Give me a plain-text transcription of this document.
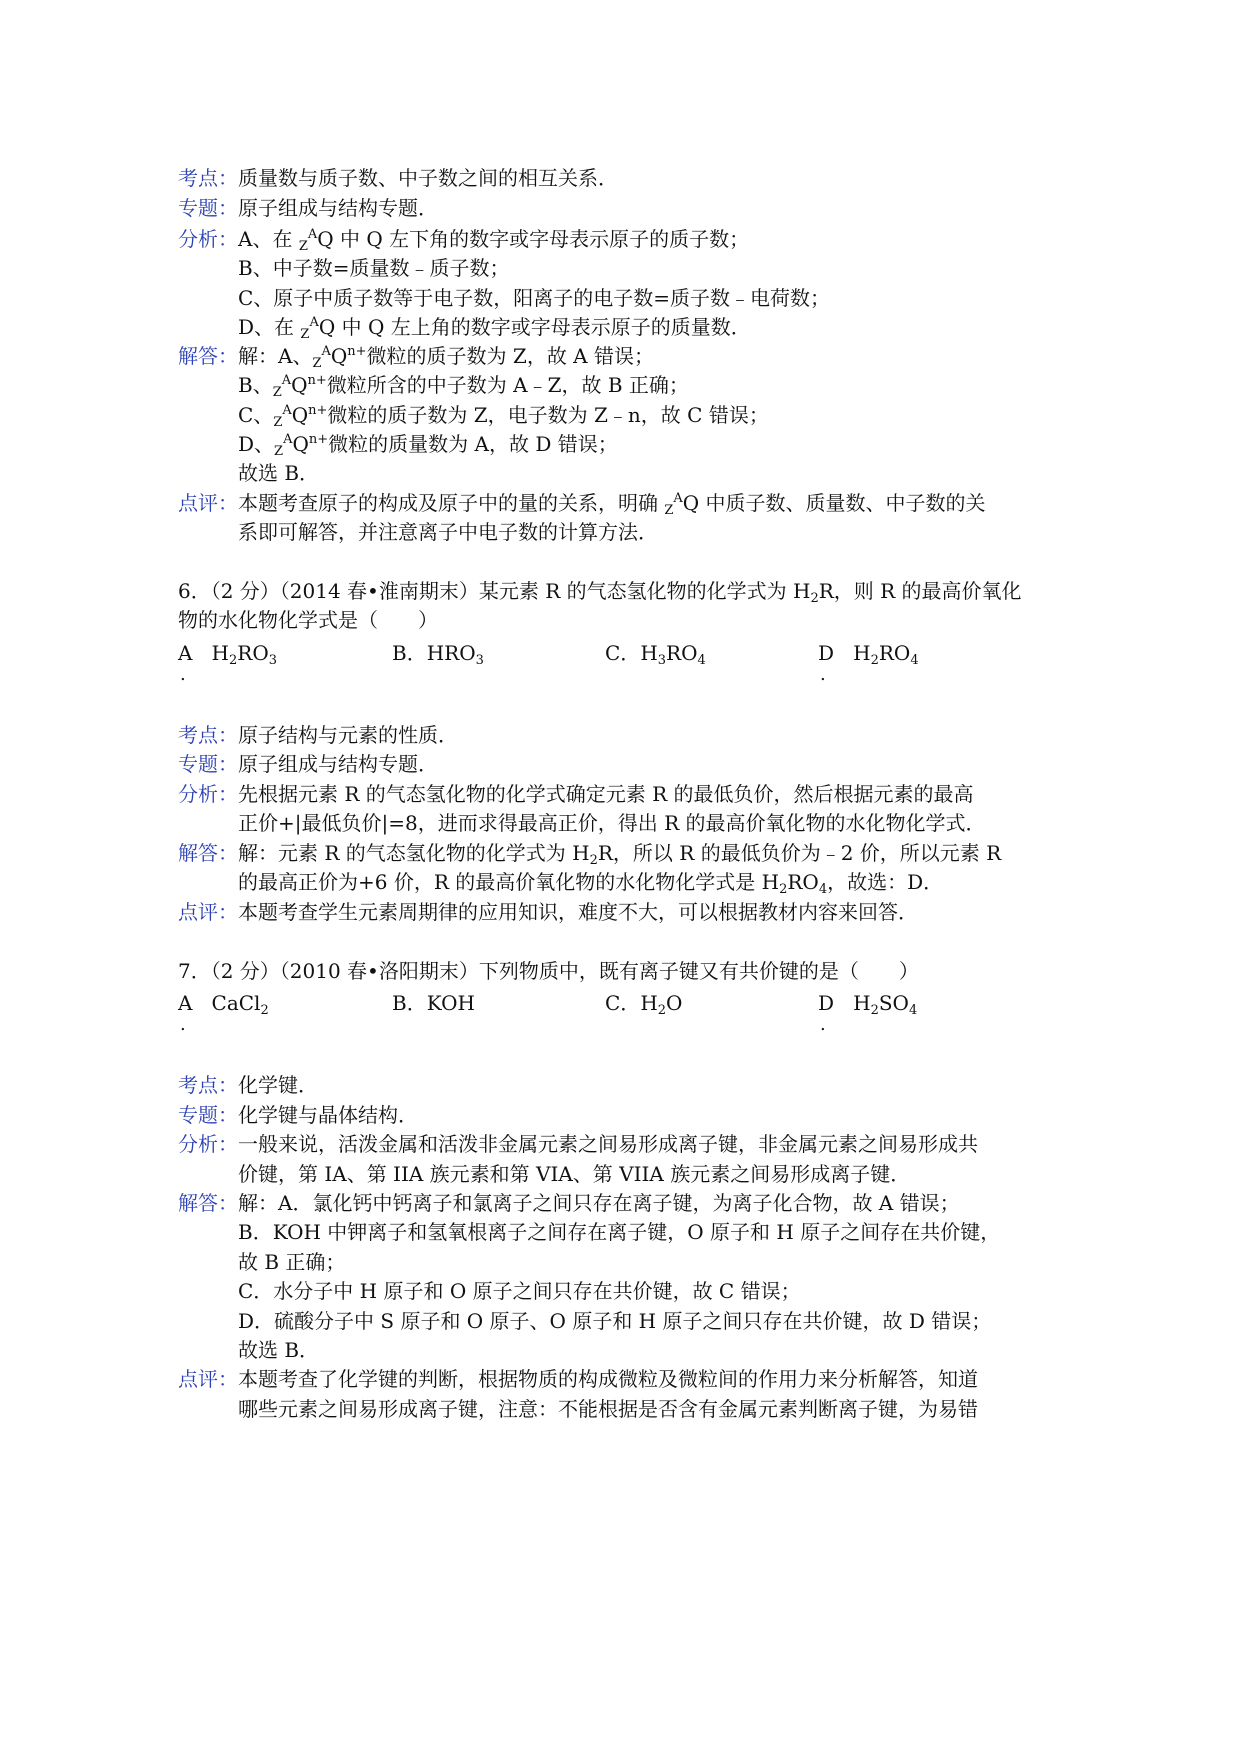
考点：质量数与质子数、中子数之间的相互关系．
专题：原子组成与结构专题．
分析：A、在 $_Z^A$Q 中 Q 左下角的数字或字母表示原子的质子数；
B、中子数=质量数﹣质子数；
C、原子中质子数等于电子数，阳离子的电子数=质子数﹣电荷数；
D、在 $_Z^A$Q 中 Q 左上角的数字或字母表示原子的质量数．
解答：解：A、$_Z^AQ^{n+}$微粒的质子数为 Z，故 A 错误；
B、$_Z^AQ^{n+}$微粒所含的中子数为 A﹣Z，故 B 正确；
C、$_Z^AQ^{n+}$微粒的质子数为 Z，电子数为 Z﹣n，故 C 错误；
D、$_Z^AQ^{n+}$微粒的质量数为 A，故 D 错误；
故选 B．
点评：本题考查原子的构成及原子中的量的关系，明确 $_Z^A$Q 中质子数、质量数、中子数的关
系即可解答，并注意离子中电子数的计算方法．
6．（2 分）（2014 春•淮南期末）某元素 R 的气态氢化物的化学式为 $H_2R$，则 R 的最高价氧化
物的水化物化学式是（　　）
A $H_2RO_3$
.
B．$HRO_3$	C．$H_3RO_4$	D $H_2RO_4$
.
考点：原子结构与元素的性质．
专题：原子组成与结构专题．
分析：先根据元素 R 的气态氢化物的化学式确定元素 R 的最低负价，然后根据元素的最高
正价+|最低负价|=8，进而求得最高正价，得出 R 的最高价氧化物的水化物化学式．
解答：解：元素 R 的气态氢化物的化学式为 $H_2R$，所以 R 的最低负价为﹣2 价，所以元素 R
的最高正价为+6 价，R 的最高价氧化物的水化物化学式是 $H_2RO_4$，故选：D．
点评：本题考查学生元素周期律的应用知识，难度不大，可以根据教材内容来回答．
7．（2 分）（2010 春•洛阳期末）下列物质中，既有离子键又有共价键的是（　　）
A CaCl$_2$
.
B．KOH	C．$H_2O$	D $H_2SO_4$
.
考点：化学键．
专题：化学键与晶体结构．
分析：一般来说，活泼金属和活泼非金属元素之间易形成离子键，非金属元素之间易形成共
价键，第 IA、第 IIA 族元素和第 VIA、第 VIIA 族元素之间易形成离子键．
解答：解：A．氯化钙中钙离子和氯离子之间只存在离子键，为离子化合物，故 A 错误；
B．KOH 中钾离子和氢氧根离子之间存在离子键，O 原子和 H 原子之间存在共价键，
故 B 正确；
C．水分子中 H 原子和 O 原子之间只存在共价键，故 C 错误；
D．硫酸分子中 S 原子和 O 原子、O 原子和 H 原子之间只存在共价键，故 D 错误；
故选 B．
点评：本题考查了化学键的判断，根据物质的构成微粒及微粒间的作用力来分析解答，知道
哪些元素之间易形成离子键，注意：不能根据是否含有金属元素判断离子键，为易错
